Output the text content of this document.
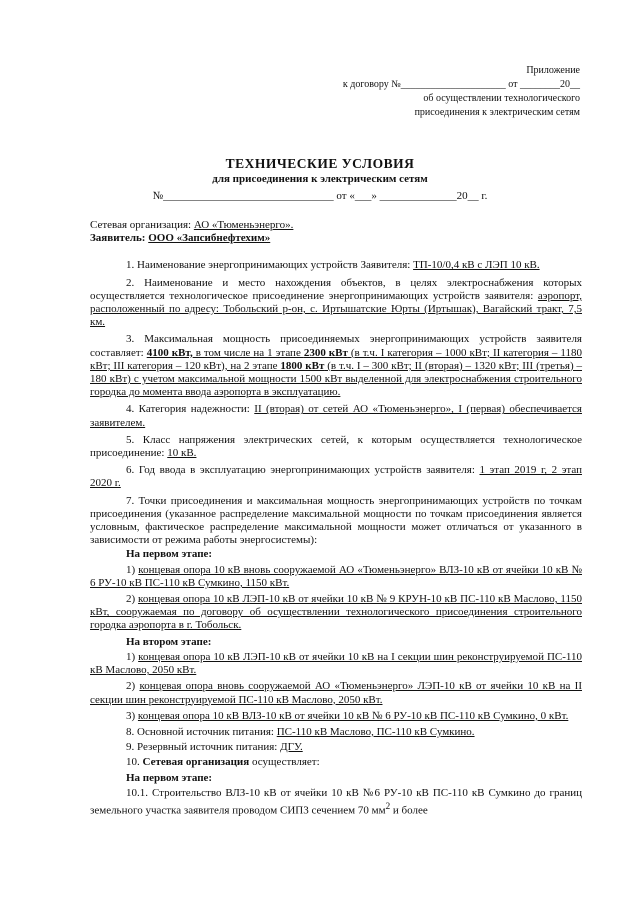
Приложение
к договору №_____________________ от ________20__
об осуществлении технологического
присоединения к электрическим сетям
ТЕХНИЧЕСКИЕ УСЛОВИЯ
для присоединения к электрическим сетям
№_______________________________ от «___» ______________20__ г.

Сетевая организация: АО «Тюменьэнерго».

Заявитель: ООО «Запсибнефтехим»

1. Наименование энергопринимающих устройств Заявителя: ТП-10/0,4 кВ с ЛЭП 10 кВ.

2. Наименование и место нахождения объектов, в целях электроснабжения которых осуществляется технологическое присоединение энергопринимающих устройств заявителя: аэропорт, расположенный по адресу: Тобольский р-он, с. Иртышатские Юрты (Иртышак), Вагайский тракт, 7,5 км.

3. Максимальная мощность присоединяемых энергопринимающих устройств заявителя составляет: 4100 кВт, в том числе на 1 этапе 2300 кВт (в т.ч. I категория – 1000 кВт; II категория – 1180 кВт; III категория – 120 кВт), на 2 этапе 1800 кВт (в т.ч. I – 300 кВт; II (вторая) – 1320 кВт; III (третья) – 180 кВт) с учетом максимальной мощности 1500 кВт выделенной для электроснабжения строительного городка до момента ввода аэропорта в эксплуатацию.

4. Категория надежности: II (вторая) от сетей АО «Тюменьэнерго», I (первая) обеспечивается заявителем.

5. Класс напряжения электрических сетей, к которым осуществляется технологическое присоединение: 10 кВ.

6. Год ввода в эксплуатацию энергопринимающих устройств заявителя: 1 этап 2019 г, 2 этап 2020 г.

7. Точки присоединения и максимальная мощность энергопринимающих устройств по точкам присоединения (указанное распределение максимальной мощности по точкам присоединения является условным, фактическое распределение максимальной мощности может отличаться от указанного в зависимости от режима работы энергосистемы):

На первом этапе:

1) концевая опора 10 кВ вновь сооружаемой АО «Тюменьэнерго» ВЛЗ-10 кВ от ячейки 10 кВ № 6 РУ-10 кВ ПС-110 кВ Сумкино, 1150 кВт.

2) концевая опора 10 кВ ЛЭП-10 кВ от ячейки 10 кВ № 9 КРУН-10 кВ ПС-110 кВ Маслово, 1150 кВт, сооружаемая по договору об осуществлении технологического присоединения строительного городка аэропорта в г. Тобольск.

На втором этапе:

1) концевая опора 10 кВ ЛЭП-10 кВ от ячейки 10 кВ на I секции шин реконструируемой ПС-110 кВ Маслово, 2050 кВт.

2) концевая опора вновь сооружаемой АО «Тюменьэнерго» ЛЭП-10 кВ от ячейки 10 кВ на II секции шин реконструируемой ПС-110 кВ Маслово, 2050 кВт.

3) концевая опора 10 кВ ВЛЗ-10 кВ от ячейки 10 кВ № 6 РУ-10 кВ ПС-110 кВ Сумкино, 0 кВт.

8. Основной источник питания: ПС-110 кВ Маслово, ПС-110 кВ Сумкино.

9. Резервный источник питания: ДГУ.

10. Сетевая организация осуществляет:

На первом этапе:

10.1. Строительство ВЛЗ-10 кВ от ячейки 10 кВ №6 РУ-10 кВ ПС-110 кВ Сумкино до границ земельного участка заявителя проводом СИП3 сечением 70 $мм^2$ и более
